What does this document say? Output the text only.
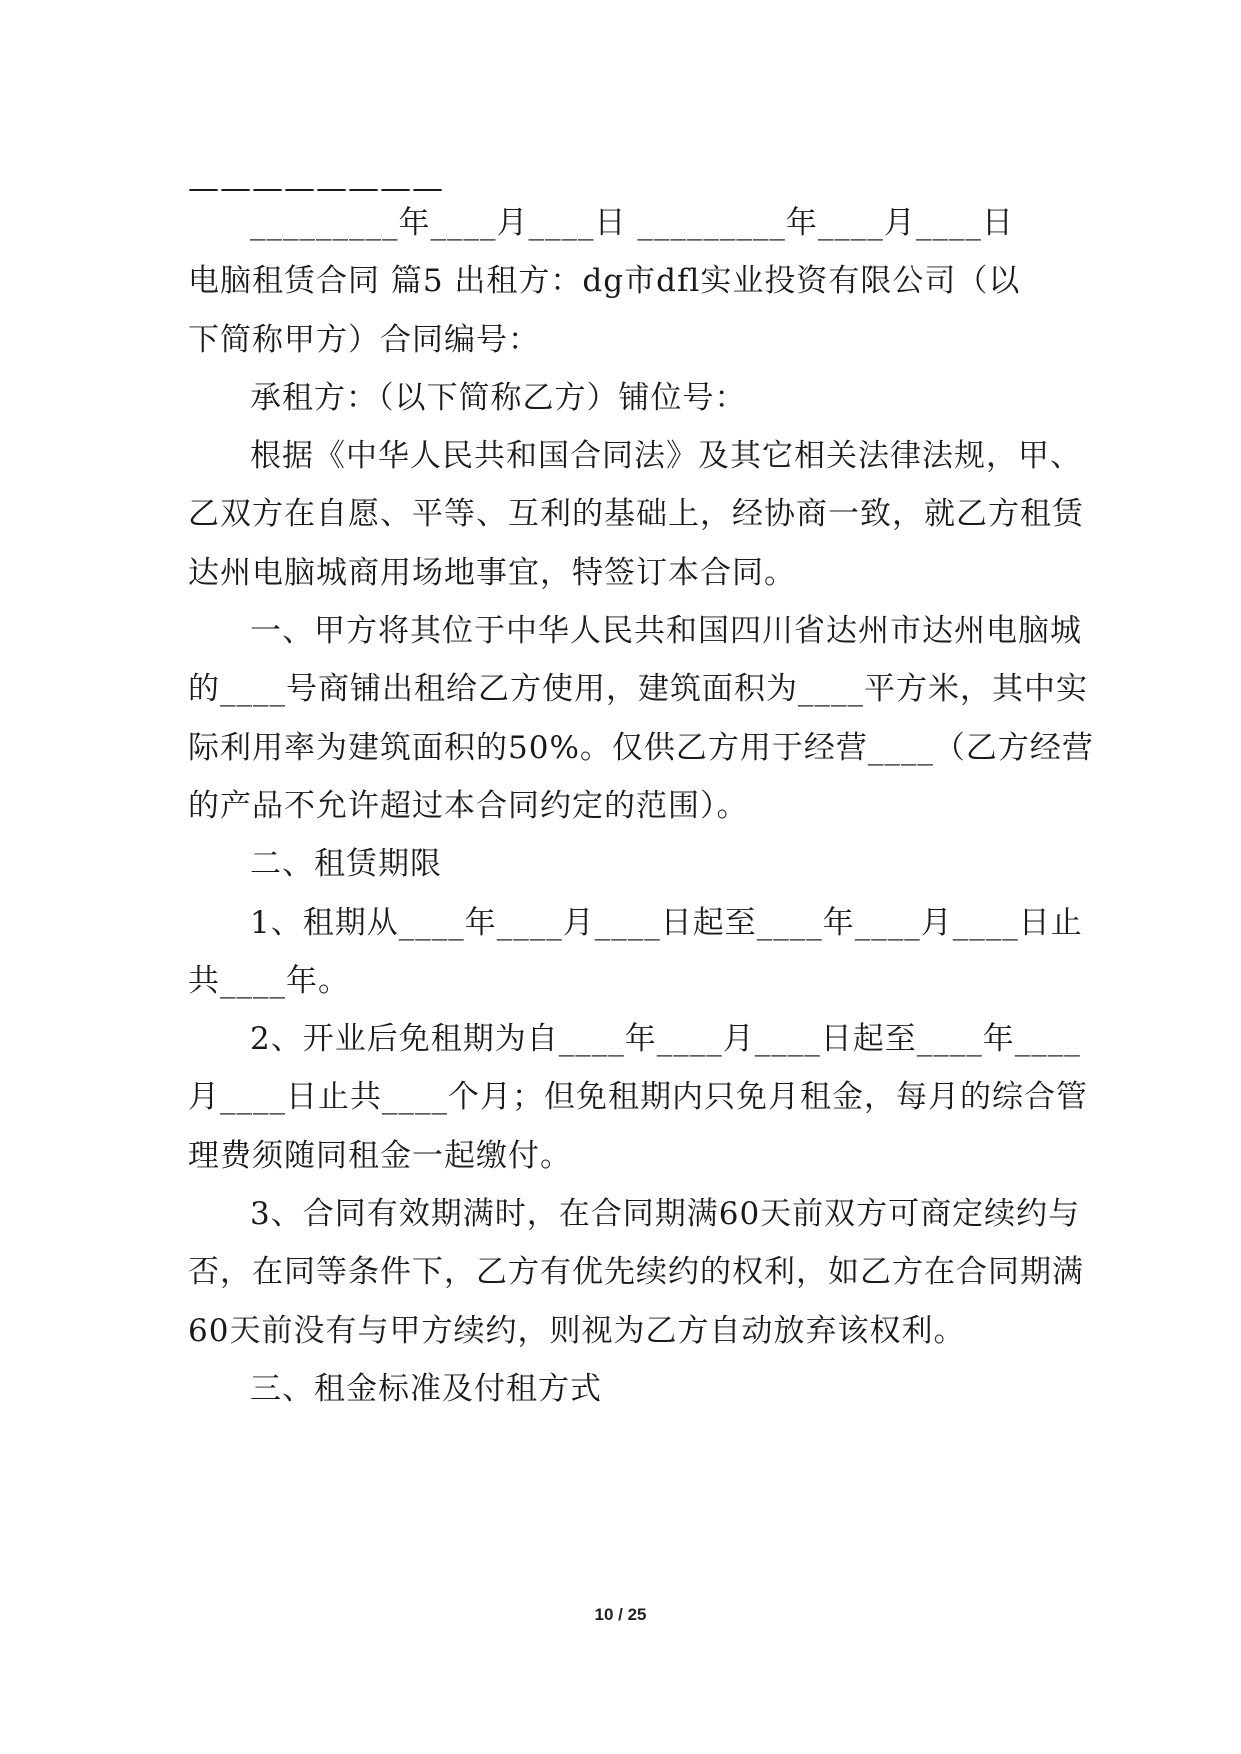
————————
_________年____月____日 _________年____月____日
电脑租赁合同 篇5 出租方：dg市dfl实业投资有限公司（以
下简称甲方）合同编号：
承租方：（以下简称乙方）铺位号：
根据《中华人民共和国合同法》及其它相关法律法规，甲、
乙双方在自愿、平等、互利的基础上，经协商一致，就乙方租赁
达州电脑城商用场地事宜，特签订本合同。
一、甲方将其位于中华人民共和国四川省达州市达州电脑城
的____号商铺出租给乙方使用，建筑面积为____平方米，其中实
际利用率为建筑面积的50%。仅供乙方用于经营____（乙方经营
的产品不允许超过本合同约定的范围）。
二、租赁期限
1、租期从____年____月____日起至____年____月____日止
共____年。
2、开业后免租期为自____年____月____日起至____年____
月____日止共____个月；但免租期内只免月租金，每月的综合管
理费须随同租金一起缴付。
3、合同有效期满时，在合同期满60天前双方可商定续约与
否，在同等条件下，乙方有优先续约的权利，如乙方在合同期满
60天前没有与甲方续约，则视为乙方自动放弃该权利。
三、租金标准及付租方式
10 / 25
